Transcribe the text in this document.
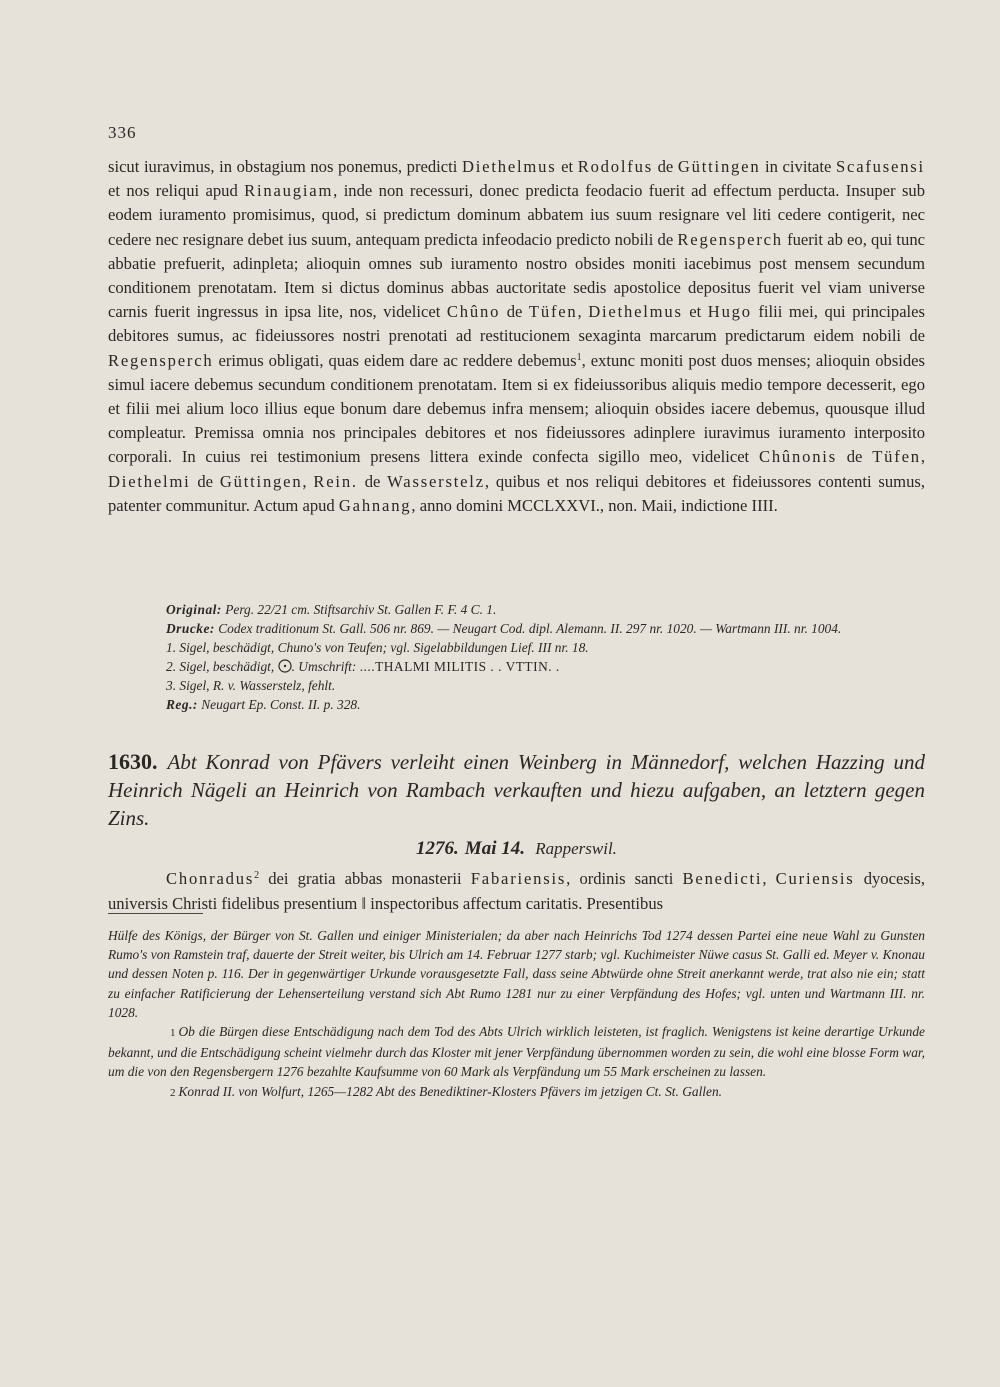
336

sicut iuravimus, in obstagium nos ponemus, predicti Diethelmus et Rodolfus de Güttingen in civitate Scafusensi et nos reliqui apud Rinaugiam, inde non recessuri, donec predicta feodacio fuerit ad effectum perducta. Insuper sub eodem iuramento promisimus, quod, si predictum dominum abbatem ius suum resignare vel liti cedere contigerit, nec cedere nec resignare debet ius suum, antequam predicta infeodacio predicto nobili de Regensperch fuerit ab eo, qui tunc abbatie prefuerit, adinpleta; alioquin omnes sub iuramento nostro obsides moniti iacebimus post mensem secundum conditionem prenotatam. Item si dictus dominus abbas auctoritate sedis apostolice depositus fuerit vel viam universe carnis fuerit ingressus in ipsa lite, nos, videlicet Chûno de Tüfen, Diethelmus et Hugo filii mei, qui principales debitores sumus, ac fideiussores nostri prenotati ad restitucionem sexaginta marcarum predictarum eidem nobili de Regensperch erimus obligati, quas eidem dare ac reddere debemus$^1$, extunc moniti post duos menses; alioquin obsides simul iacere debemus secundum conditionem prenotatam. Item si ex fideiussoribus aliquis medio tempore decesserit, ego et filii mei alium loco illius eque bonum dare debemus infra mensem; alioquin obsides iacere debemus, quousque illud compleatur. Premissa omnia nos principales debitores et nos fideiussores adinplere iuravimus iuramento interposito corporali. In cuius rei testimonium presens littera exinde confecta sigillo meo, videlicet Chûnonis de Tüfen, Diethelmi de Güttingen, Rein. de Wasserstelz, quibus et nos reliqui debitores et fideiussores contenti sumus, patenter communitur. Actum apud Gahnang, anno domini MCCLXXVI., non. Maii, indictione IIII.

Original: Perg. 22/21 cm. Stiftsarchiv St. Gallen F. F. 4 C. 1.
Drucke: Codex traditionum St. Gall. 506 nr. 869. — Neugart Cod. dipl. Alemann. II. 297 nr. 1020. — Wartmann III. nr. 1004.
1. Sigel, beschädigt, Chuno's von Teufen; vgl. Sigelabbildungen Lief. III nr. 18.
2. Sigel, beschädigt, . Umschrift: ....THALMI MILITIS . . VTTIN. .
3. Sigel, R. v. Wasserstelz, fehlt.
Reg.: Neugart Ep. Const. II. p. 328.

1630. Abt Konrad von Pfävers verleiht einen Weinberg in Männedorf, welchen Hazzing und Heinrich Nägeli an Heinrich von Rambach verkauften und hiezu aufgaben, an letztern gegen Zins.

1276. Mai 14. Rapperswil.

Chonradus$^2$ dei gratia abbas monasterii Fabariensis, ordinis sancti Benedicti, Curiensis dyocesis, universis Christi fidelibus presentium ‖ inspectoribus affectum caritatis. Presentibus

Hülfe des Königs, der Bürger von St. Gallen und einiger Ministerialen; da aber nach Heinrichs Tod 1274 dessen Partei eine neue Wahl zu Gunsten Rumo's von Ramstein traf, dauerte der Streit weiter, bis Ulrich am 14. Februar 1277 starb; vgl. Kuchimeister Nüwe casus St. Galli ed. Meyer v. Knonau und dessen Noten p. 116. Der in gegenwärtiger Urkunde vorausgesetzte Fall, dass seine Abtwürde ohne Streit anerkannt werde, trat also nie ein; statt zu einfacher Ratificierung der Lehenserteilung verstand sich Abt Rumo 1281 nur zu einer Verpfändung des Hofes; vgl. unten und Wartmann III. nr. 1028.

1 Ob die Bürgen diese Entschädigung nach dem Tod des Abts Ulrich wirklich leisteten, ist fraglich. Wenigstens ist keine derartige Urkunde bekannt, und die Entschädigung scheint vielmehr durch das Kloster mit jener Verpfändung übernommen worden zu sein, die wohl eine blosse Form war, um die von den Regensbergern 1276 bezahlte Kaufsumme von 60 Mark als Verpfändung um 55 Mark erscheinen zu lassen.

2 Konrad II. von Wolfurt, 1265—1282 Abt des Benediktiner-Klosters Pfävers im jetzigen Ct. St. Gallen.
